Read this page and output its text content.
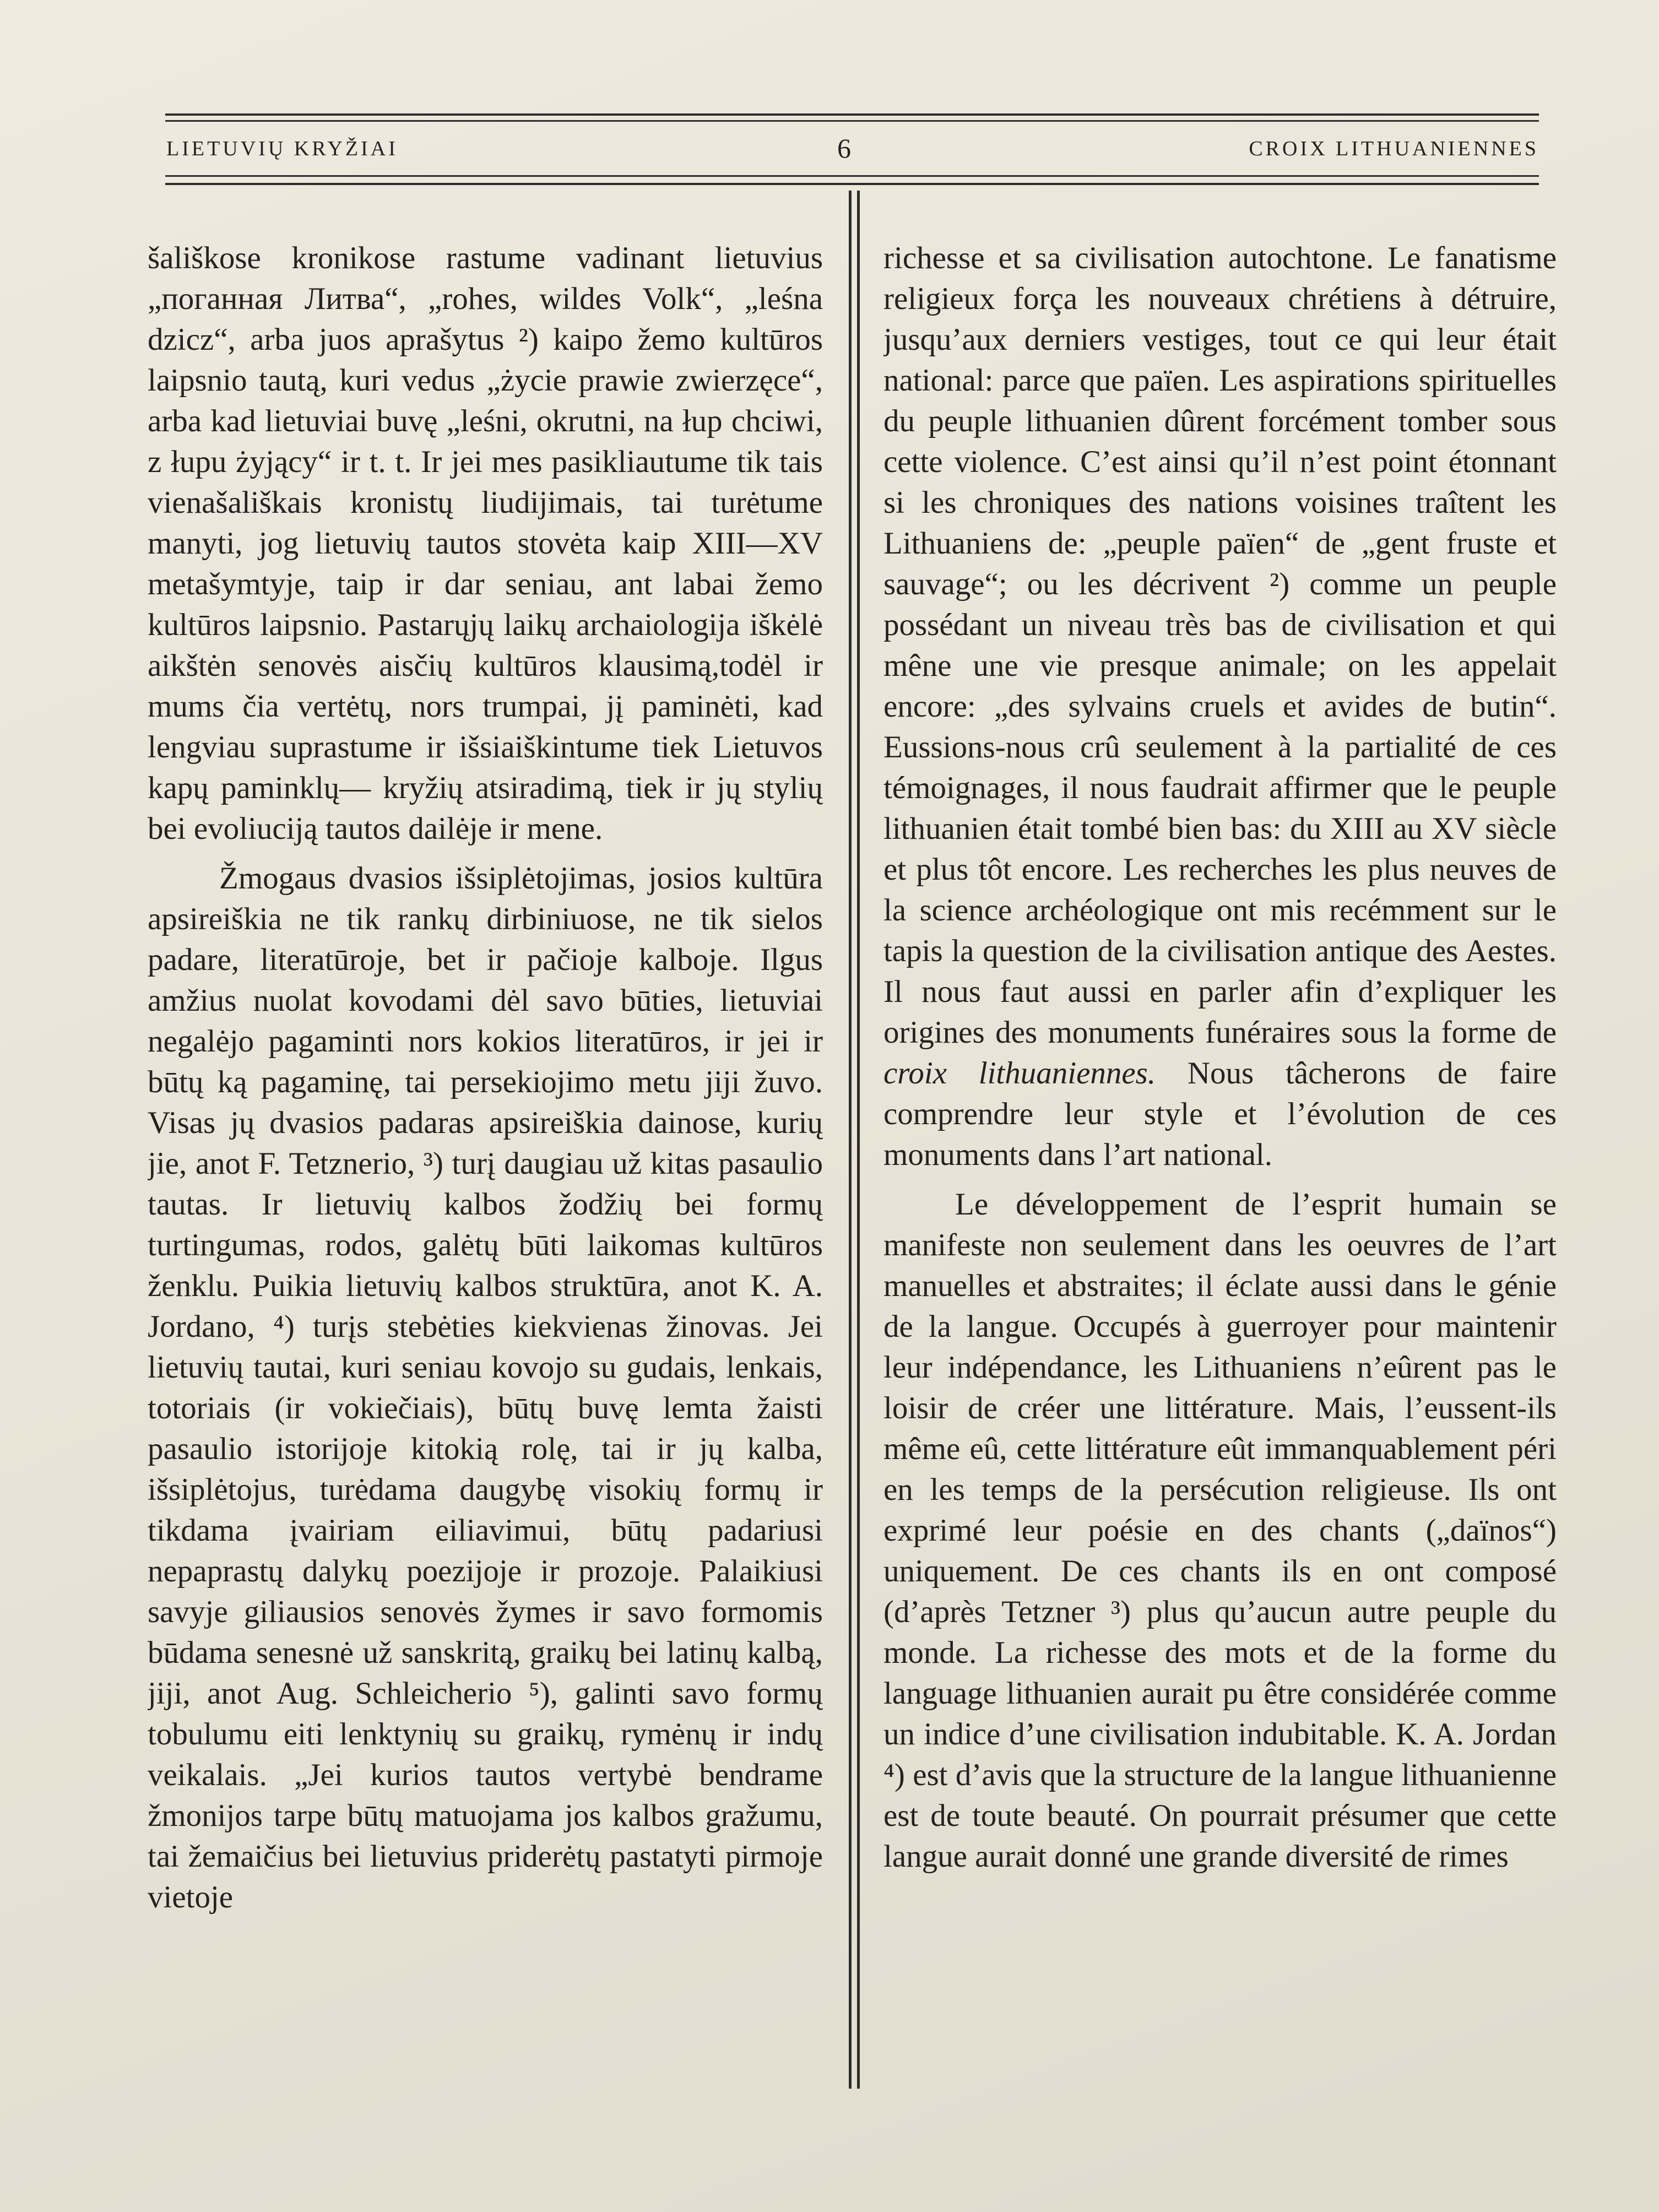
LIETUVIŲ KRYŽIAI	6	CROIX LITHUANIENNES

šališkose kronikose rastume vadinant lietuvius „поганная Литва“, „rohes, wildes Volk“, „leśna dzicz“, arba juos aprašytus ²) kaipo žemo kultūros laipsnio tautą, kuri vedus „życie prawie zwierzęce“, arba kad lietuviai buvę „leśni, okrutni, na łup chciwi, z łupu żyjący“ ir t. t. Ir jei mes pasikliautume tik tais vienašališkais kronistų liudijimais, tai turėtume manyti, jog lietuvių tautos stovėta kaip XIII—XV metašymtyje, taip ir dar seniau, ant labai žemo kultūros laipsnio. Pastarųjų laikų archaiologija iškėlė aikštėn senovės aisčių kultūros klausimą,todėl ir mums čia vertėtų, nors trumpai, jį paminėti, kad lengviau suprastume ir išsiaiškintume tiek Lietuvos kapų paminklų— kryžių atsiradimą, tiek ir jų stylių bei evoliuciją tautos dailėje ir mene.

Žmogaus dvasios išsiplėtojimas, josios kultūra apsireiškia ne tik rankų dirbiniuose, ne tik sielos padare, literatūroje, bet ir pačioje kalboje. Ilgus amžius nuolat kovodami dėl savo būties, lietuviai negalėjo pagaminti nors kokios literatūros, ir jei ir būtų ką pagaminę, tai persekiojimo metu jiji žuvo. Visas jų dvasios padaras apsireiškia dainose, kurių jie, anot F. Tetznerio, ³) turį daugiau už kitas pasaulio tautas. Ir lietuvių kalbos žodžių bei formų turtingumas, rodos, galėtų būti laikomas kultūros ženklu. Puikia lietuvių kalbos struktūra, anot K. A. Jordano, ⁴) turįs stebėties kiekvienas žinovas. Jei lietuvių tautai, kuri seniau kovojo su gudais, lenkais, totoriais (ir vokiečiais), būtų buvę lemta žaisti pasaulio istorijoje kitokią rolę, tai ir jų kalba, išsiplėtojus, turėdama daugybę visokių formų ir tikdama įvairiam eiliavimui, būtų padariusi nepaprastų dalykų poezijoje ir prozoje. Palaikiusi savyje giliausios senovės žymes ir savo formomis būdama senesnė už sanskritą, graikų bei latinų kalbą, jiji, anot Aug. Schleicherio ⁵), galinti savo formų tobulumu eiti lenktynių su graikų, rymėnų ir indų veikalais. „Jei kurios tautos vertybė bendrame žmonijos tarpe būtų matuojama jos kalbos gražumu, tai žemaičius bei lietuvius priderėtų pastatyti pirmoje vietoje

richesse et sa civilisation autochtone. Le fanatisme religieux força les nouveaux chrétiens à détruire, jusqu’aux derniers vestiges, tout ce qui leur était national: parce que païen. Les aspirations spirituelles du peuple lithuanien dûrent forcément tomber sous cette violence. C’est ainsi qu’il n’est point étonnant si les chroniques des nations voisines traîtent les Lithuaniens de: „peuple païen“ de „gent fruste et sauvage“; ou les décrivent ²) comme un peuple possédant un niveau très bas de civilisation et qui mêne une vie presque animale; on les appelait encore: „des sylvains cruels et avides de butin“. Eussions-nous crû seulement à la partialité de ces témoignages, il nous faudrait affirmer que le peuple lithuanien était tombé bien bas: du XIII au XV siècle et plus tôt encore. Les recherches les plus neuves de la science archéologique ont mis recémment sur le tapis la question de la civilisation antique des Aestes. Il nous faut aussi en parler afin d’expliquer les origines des monuments funéraires sous la forme de croix lithuaniennes. Nous tâcherons de faire comprendre leur style et l’évolution de ces monuments dans l’art national.

Le développement de l’esprit humain se manifeste non seulement dans les oeuvres de l’art manuelles et abstraites; il éclate aussi dans le génie de la langue. Occupés à guerroyer pour maintenir leur indépendance, les Lithuaniens n’eûrent pas le loisir de créer une littérature. Mais, l’eussent-ils même eû, cette littérature eût immanquablement péri en les temps de la persécution religieuse. Ils ont exprimé leur poésie en des chants („daïnos“) uniquement. De ces chants ils en ont composé (d’après Tetzner ³) plus qu’aucun autre peuple du monde. La richesse des mots et de la forme du language lithuanien aurait pu être considérée comme un indice d’une civilisation indubitable. K. A. Jordan ⁴) est d’avis que la structure de la langue lithuanienne est de toute beauté. On pourrait présumer que cette langue aurait donné une grande diversité de rimes
